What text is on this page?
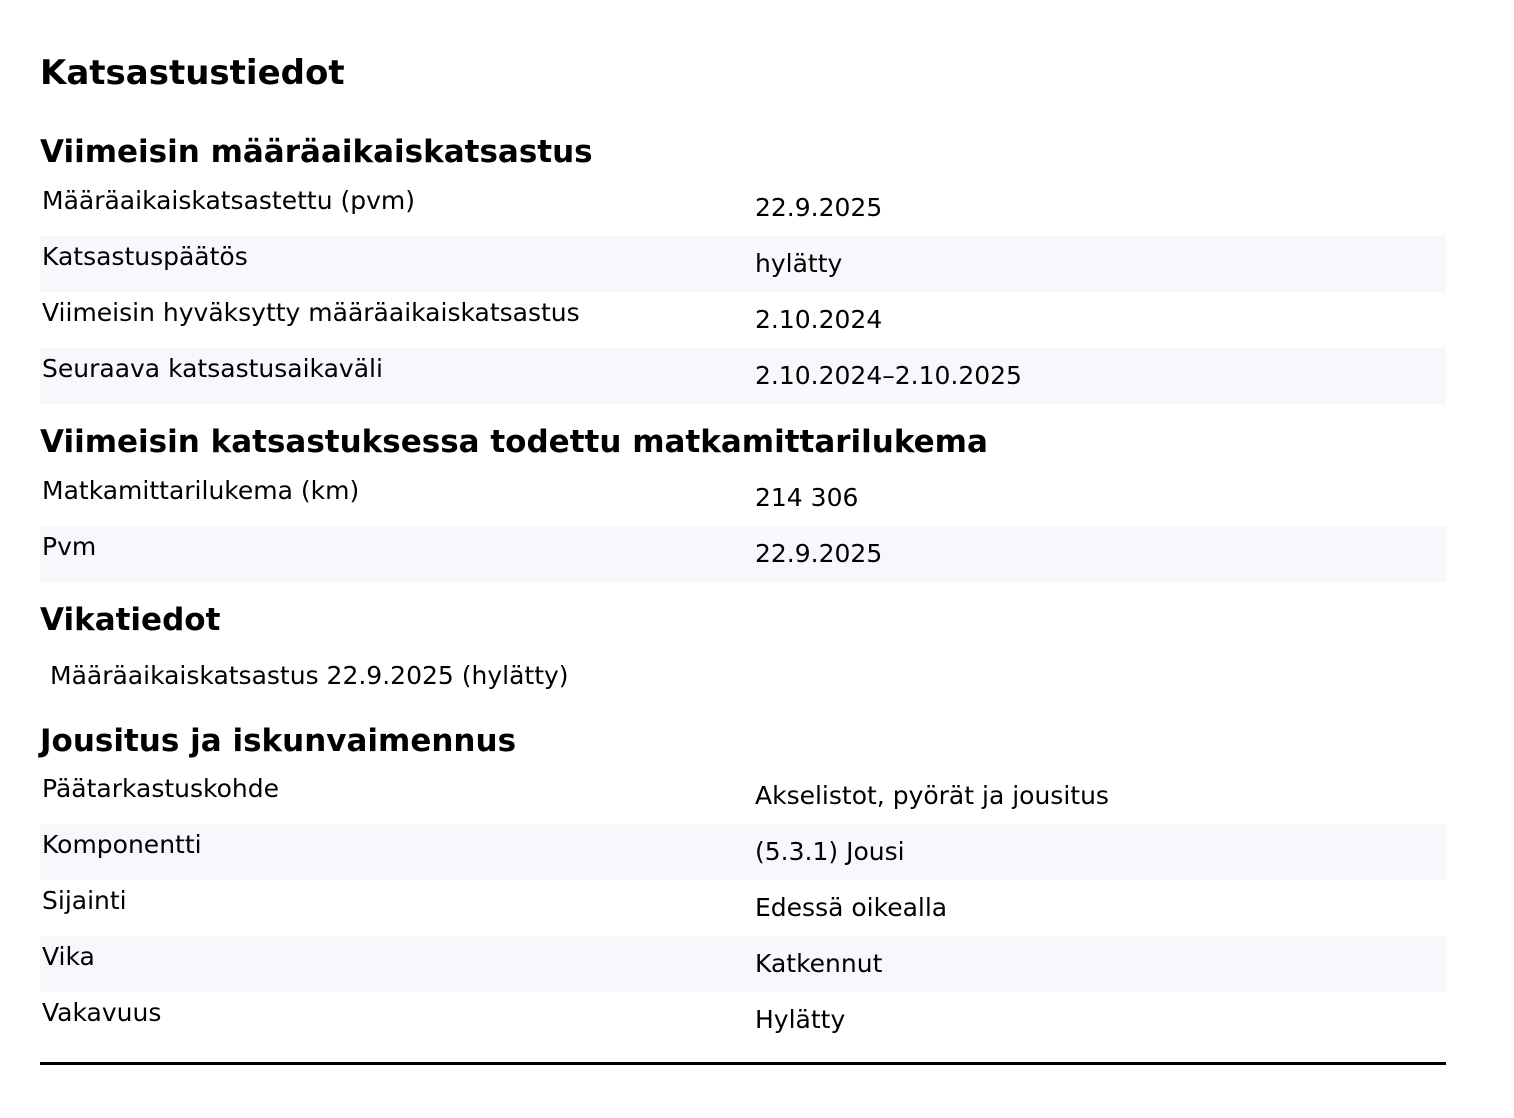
Katsastustiedot
Viimeisin määräaikaiskatsastus
Määräaikaiskatsastettu (pvm)	22.9.2025
Katsastuspäätös	hylätty
Viimeisin hyväksytty määräaikaiskatsastus	2.10.2024
Seuraava katsastusaikaväli	2.10.2024–2.10.2025
Viimeisin katsastuksessa todettu matkamittarilukema
Matkamittarilukema (km)	214 306
Pvm	22.9.2025
Vikatiedot
Määräaikaiskatsastus 22.9.2025 (hylätty)
Jousitus ja iskunvaimennus
Päätarkastuskohde	Akselistot, pyörät ja jousitus
Komponentti	(5.3.1) Jousi
Sijainti	Edessä oikealla
Vika	Katkennut
Vakavuus	Hylätty
